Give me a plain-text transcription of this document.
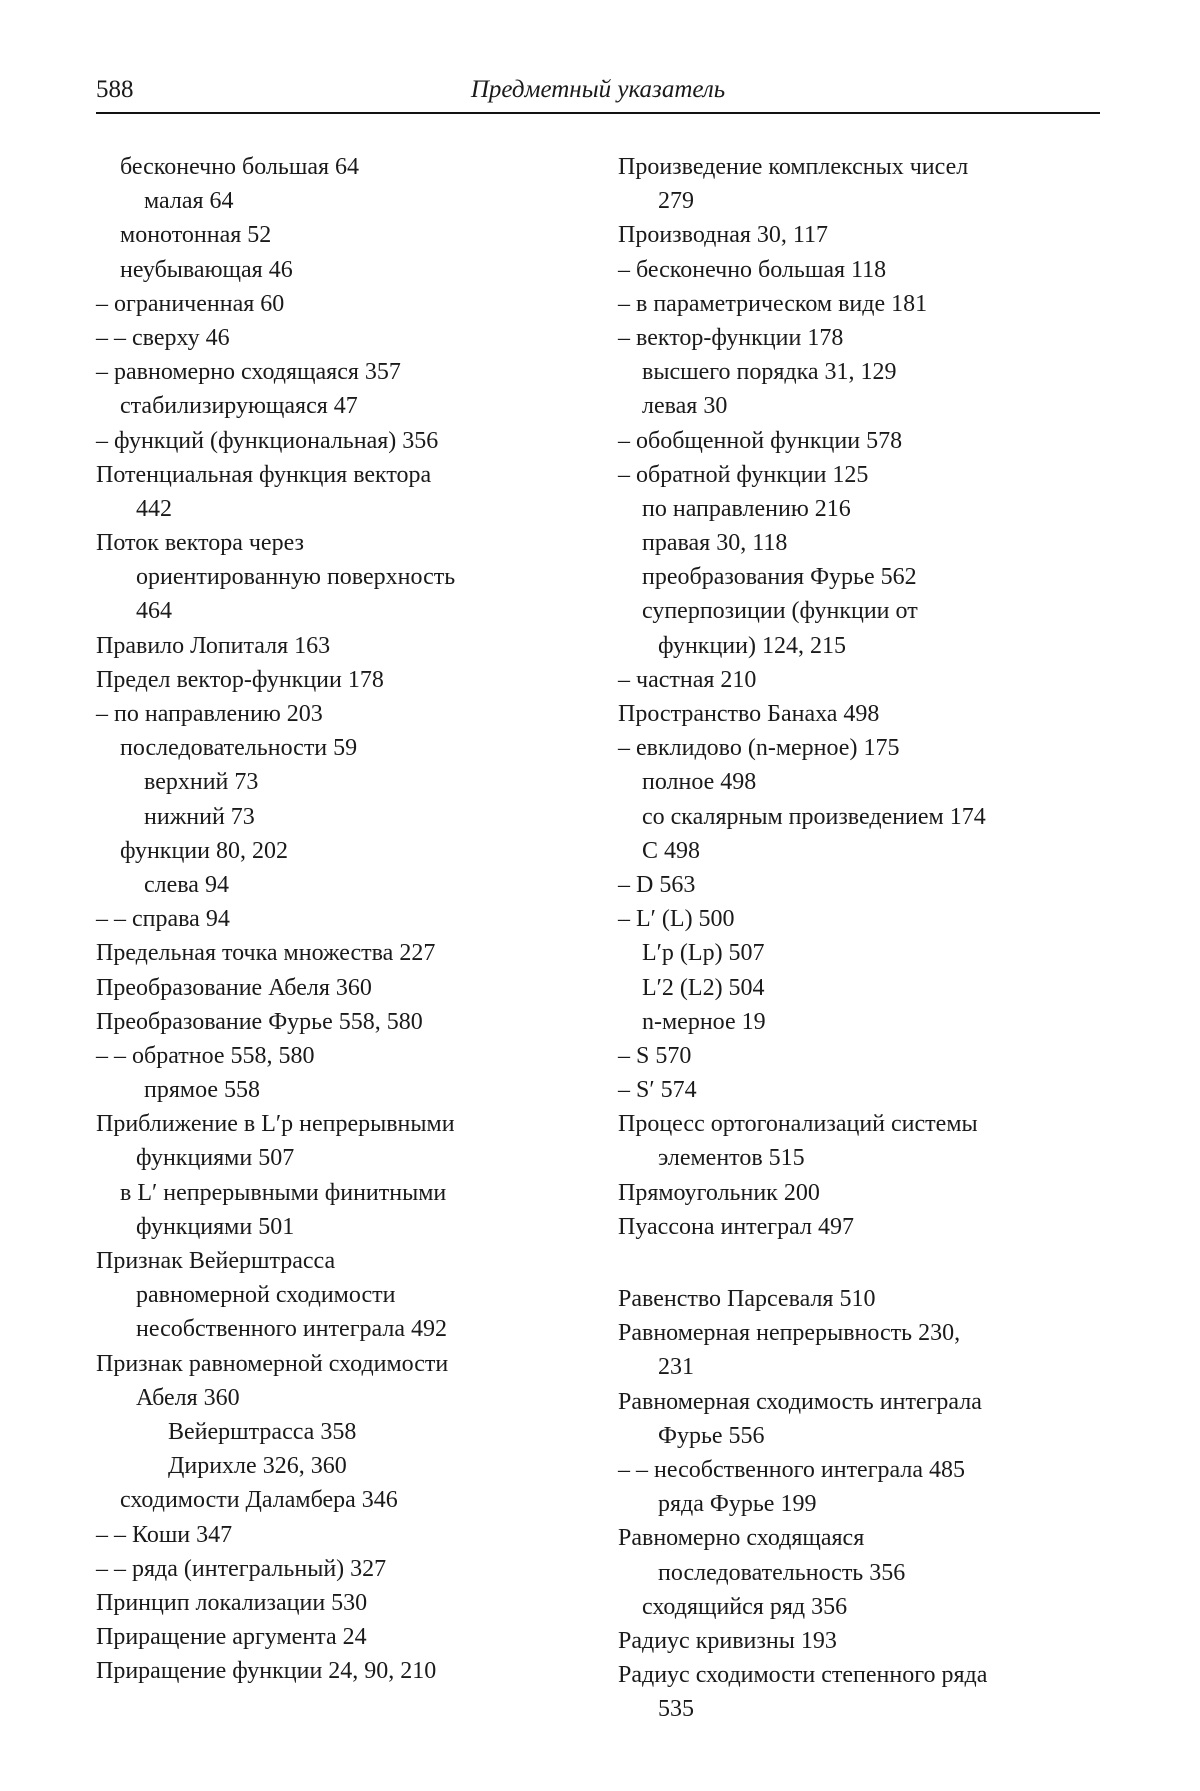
588	Предметный указатель
бесконечно большая 64
малая 64
монотонная 52
неубывающая 46
– ограниченная 60
– – сверху 46
– равномерно сходящаяся 357
стабилизирующаяся 47
– функций (функциональная) 356
Потенциальная функция вектора
442
Поток вектора через
ориентированную поверхность
464
Правило Лопиталя 163
Предел вектор-функции 178
– по направлению 203
последовательности 59
верхний 73
нижний 73
функции 80, 202
слева 94
– – справа 94
Предельная точка множества 227
Преобразование Абеля 360
Преобразование Фурье 558, 580
– – обратное 558, 580
прямое 558
Приближение в L′p непрерывными
функциями 507
в L′ непрерывными финитными
функциями 501
Признак Вейерштрасса
равномерной сходимости
несобственного интеграла 492
Признак равномерной сходимости
Абеля 360
Вейерштрасса 358
Дирихле 326, 360
сходимости Даламбера 346
– – Коши 347
– – ряда (интегральный) 327
Принцип локализации 530
Приращение аргумента 24
Приращение функции 24, 90, 210
Произведение комплексных чисел
279
Производная 30, 117
– бесконечно большая 118
– в параметрическом виде 181
– вектор-функции 178
высшего порядка 31, 129
левая 30
– обобщенной функции 578
– обратной функции 125
по направлению 216
правая 30, 118
преобразования Фурье 562
суперпозиции (функции от
функции) 124, 215
– частная 210
Пространство Банаха 498
– евклидово (n-мерное) 175
полное 498
со скалярным произведением 174
C 498
– D 563
– L′ (L) 500
L′p (Lp) 507
L′2 (L2) 504
n-мерное 19
– S 570
– S′ 574
Процесс ортогонализаций системы
элементов 515
Прямоугольник 200
Пуассона интеграл 497
Равенство Парсеваля 510
Равномерная непрерывность 230,
231
Равномерная сходимость интеграла
Фурье 556
– – несобственного интеграла 485
ряда Фурье 199
Равномерно сходящаяся
последовательность 356
сходящийся ряд 356
Радиус кривизны 193
Радиус сходимости степенного ряда
535
